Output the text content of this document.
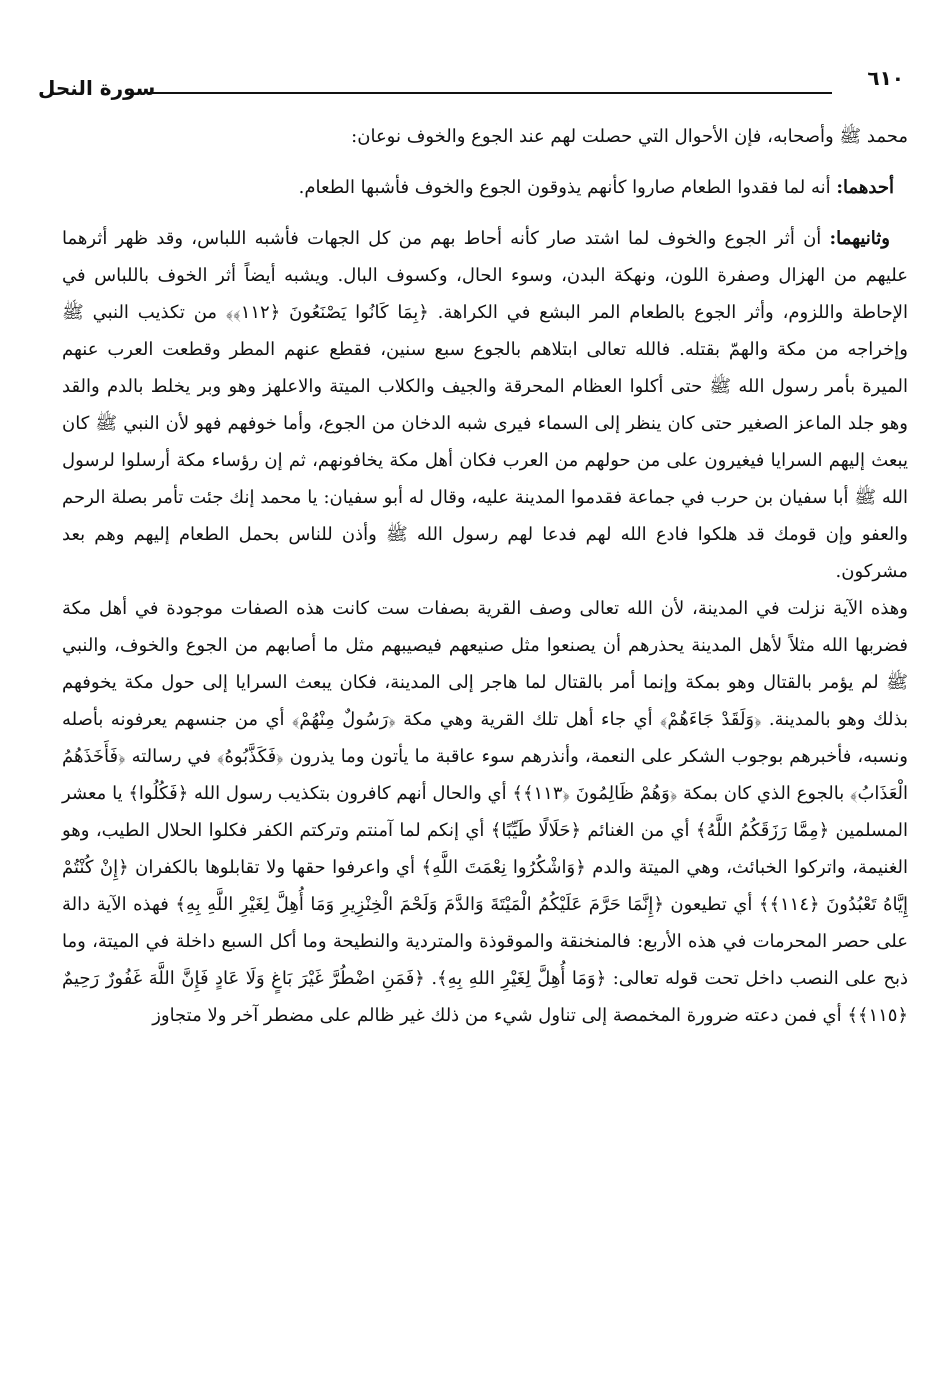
سورة النحل	٦١٠

محمد ﷺ وأصحابه، فإن الأحوال التي حصلت لهم عند الجوع والخوف نوعان:

أحدهما: أنه لما فقدوا الطعام صاروا كأنهم يذوقون الجوع والخوف فأشبها الطعام.

وثانيهما: أن أثر الجوع والخوف لما اشتد صار كأنه أحاط بهم من كل الجهات فأشبه اللباس، وقد ظهر أثرهما عليهم من الهزال وصفرة اللون، ونهكة البدن، وسوء الحال، وكسوف البال. ويشبه أيضاً أثر الخوف باللباس في الإحاطة واللزوم، وأثر الجوع بالطعام المر البشع في الكراهة. ﴿بِمَا كَانُوا يَصْنَعُونَ ﴿١١٢﴾﴾ من تكذيب النبي ﷺ وإخراجه من مكة والهمّ بقتله. فالله تعالى ابتلاهم بالجوع سبع سنين، فقطع عنهم المطر وقطعت العرب عنهم الميرة بأمر رسول الله ﷺ حتى أكلوا العظام المحرقة والجيف والكلاب الميتة والاعلهز وهو وبر يخلط بالدم والقد وهو جلد الماعز الصغير حتى كان ينظر إلى السماء فيرى شبه الدخان من الجوع، وأما خوفهم فهو لأن النبي ﷺ كان يبعث إليهم السرايا فيغيرون على من حولهم من العرب فكان أهل مكة يخافونهم، ثم إن رؤساء مكة أرسلوا لرسول الله ﷺ أبا سفيان بن حرب في جماعة فقدموا المدينة عليه، وقال له أبو سفيان: يا محمد إنك جئت تأمر بصلة الرحم والعفو وإن قومك قد هلكوا فادع الله لهم فدعا لهم رسول الله ﷺ وأذن للناس بحمل الطعام إليهم وهم بعد مشركون.

وهذه الآية نزلت في المدينة، لأن الله تعالى وصف القرية بصفات ست كانت هذه الصفات موجودة في أهل مكة فضربها الله مثلاً لأهل المدينة يحذرهم أن يصنعوا مثل صنيعهم فيصيبهم مثل ما أصابهم من الجوع والخوف، والنبي ﷺ لم يؤمر بالقتال وهو بمكة وإنما أمر بالقتال لما هاجر إلى المدينة، فكان يبعث السرايا إلى حول مكة يخوفهم بذلك وهو بالمدينة. ﴿وَلَقَدْ جَاءَهُمْ﴾ أي جاء أهل تلك القرية وهي مكة ﴿رَسُولٌ مِنْهُمْ﴾ أي من جنسهم يعرفونه بأصله ونسبه، فأخبرهم بوجوب الشكر على النعمة، وأنذرهم سوء عاقبة ما يأتون وما يذرون ﴿فَكَذَّبُوهُ﴾ في رسالته ﴿فَأَخَذَهُمُ الْعَذَابُ﴾ بالجوع الذي كان بمكة ﴿وَهُمْ ظَالِمُونَ ﴿١١٣﴾﴾ أي والحال أنهم كافرون بتكذيب رسول الله ﴿فَكُلُوا﴾ يا معشر المسلمين ﴿مِمَّا رَزَقَكُمُ اللَّهُ﴾ أي من الغنائم ﴿حَلَالًا طَيِّبًا﴾ أي إنكم لما آمنتم وتركتم الكفر فكلوا الحلال الطيب، وهو الغنيمة، واتركوا الخبائث، وهي الميتة والدم ﴿وَاشْكُرُوا نِعْمَتَ اللَّهِ﴾ أي واعرفوا حقها ولا تقابلوها بالكفران ﴿إِنْ كُنْتُمْ إِيَّاهُ تَعْبُدُونَ ﴿١١٤﴾﴾ أي تطيعون ﴿إِنَّمَا حَرَّمَ عَلَيْكُمُ الْمَيْتَةَ وَالدَّمَ وَلَحْمَ الْخِنْزِيرِ وَمَا أُهِلَّ لِغَيْرِ اللَّهِ بِهِ﴾ فهذه الآية دالة على حصر المحرمات في هذه الأربع: فالمنخنقة والموقوذة والمتردية والنطيحة وما أكل السبع داخلة في الميتة، وما ذبح على النصب داخل تحت قوله تعالى: ﴿وَمَا أُهِلَّ لِغَيْرِ اللهِ بِهِ﴾. ﴿فَمَنِ اضْطُرَّ غَيْرَ بَاغٍ وَلَا عَادٍ فَإِنَّ اللَّهَ غَفُورٌ رَحِيمٌ ﴿١١٥﴾﴾ أي فمن دعته ضرورة المخمصة إلى تناول شيء من ذلك غير ظالم على مضطر آخر ولا متجاوز
